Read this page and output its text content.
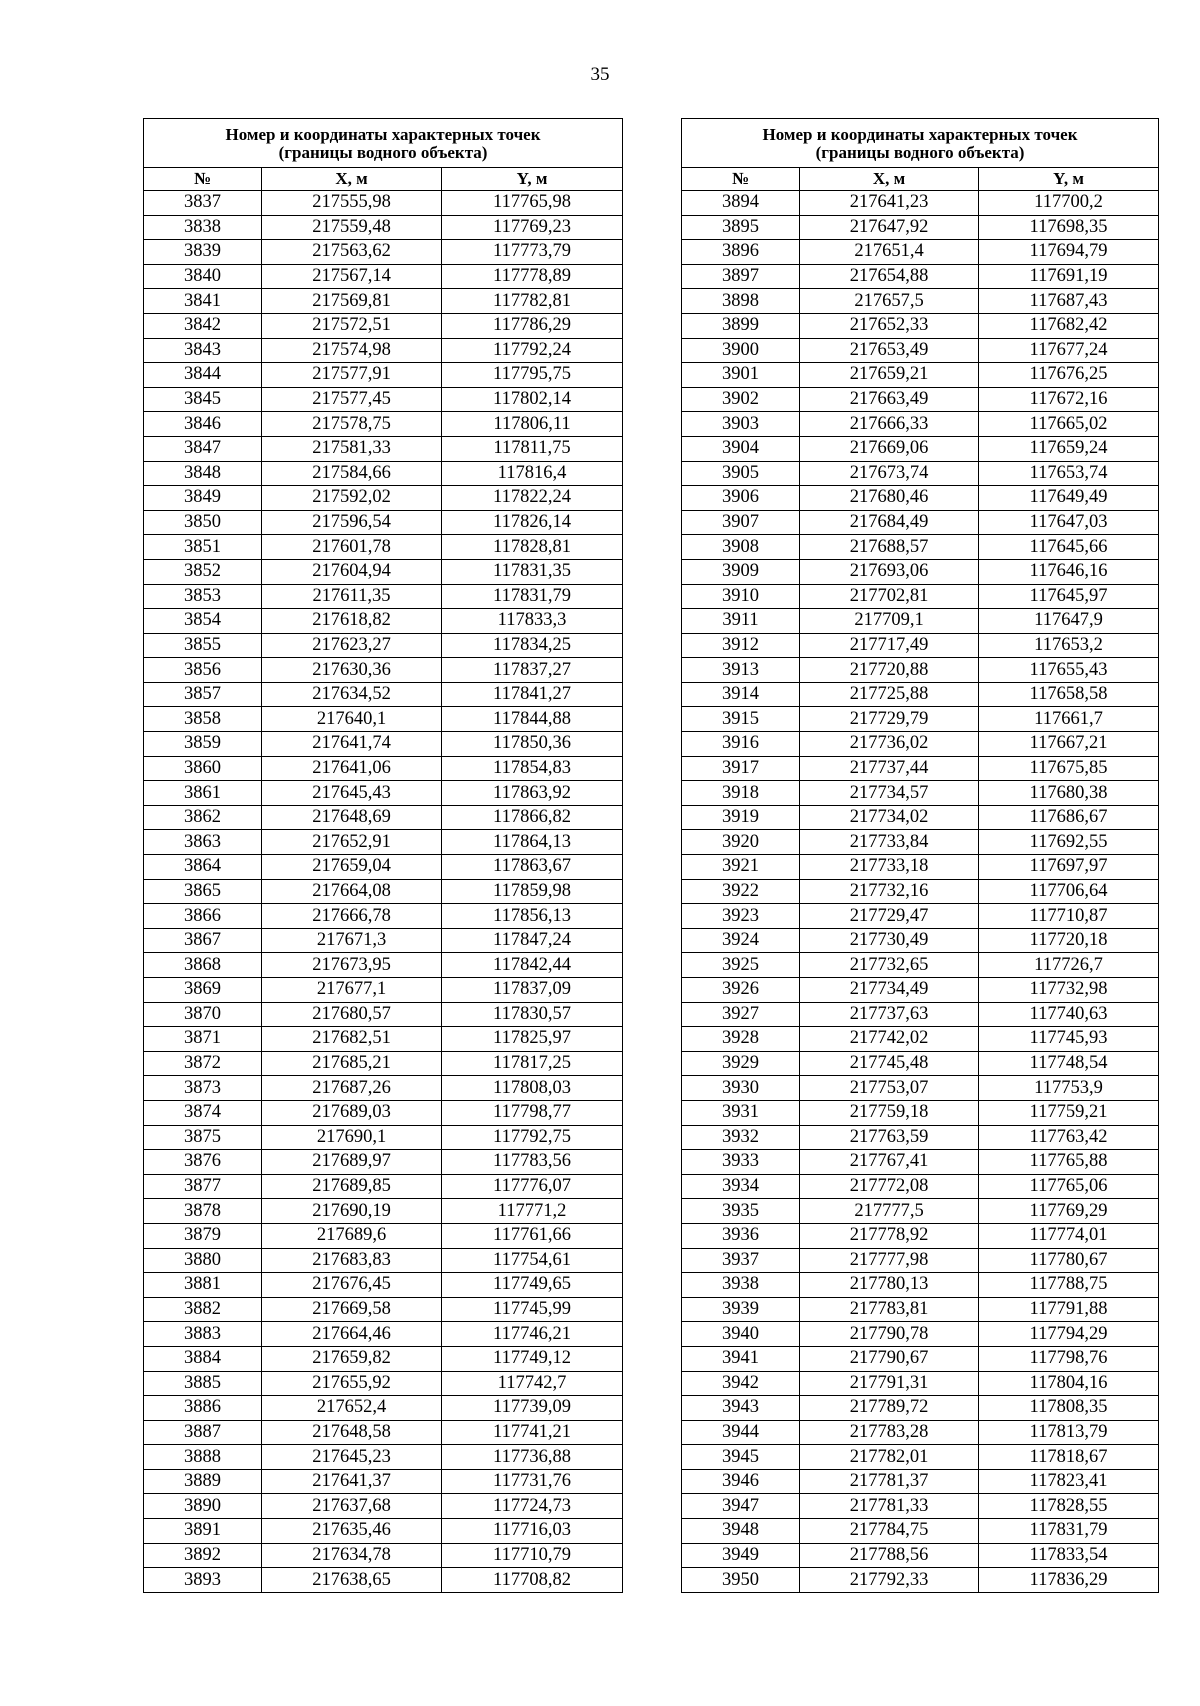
35
Номер и координаты характерных точек
(границы водного объекта)		

№	X, м	Y, м
3837	217555,98	117765,98
3838	217559,48	117769,23
3839	217563,62	117773,79
3840	217567,14	117778,89
3841	217569,81	117782,81
3842	217572,51	117786,29
3843	217574,98	117792,24
3844	217577,91	117795,75
3845	217577,45	117802,14
3846	217578,75	117806,11
3847	217581,33	117811,75
3848	217584,66	117816,4
3849	217592,02	117822,24
3850	217596,54	117826,14
3851	217601,78	117828,81
3852	217604,94	117831,35
3853	217611,35	117831,79
3854	217618,82	117833,3
3855	217623,27	117834,25
3856	217630,36	117837,27
3857	217634,52	117841,27
3858	217640,1	117844,88
3859	217641,74	117850,36
3860	217641,06	117854,83
3861	217645,43	117863,92
3862	217648,69	117866,82
3863	217652,91	117864,13
3864	217659,04	117863,67
3865	217664,08	117859,98
3866	217666,78	117856,13
3867	217671,3	117847,24
3868	217673,95	117842,44
3869	217677,1	117837,09
3870	217680,57	117830,57
3871	217682,51	117825,97
3872	217685,21	117817,25
3873	217687,26	117808,03
3874	217689,03	117798,77
3875	217690,1	117792,75
3876	217689,97	117783,56
3877	217689,85	117776,07
3878	217690,19	117771,2
3879	217689,6	117761,66
3880	217683,83	117754,61
3881	217676,45	117749,65
3882	217669,58	117745,99
3883	217664,46	117746,21
3884	217659,82	117749,12
3885	217655,92	117742,7
3886	217652,4	117739,09
3887	217648,58	117741,21
3888	217645,23	117736,88
3889	217641,37	117731,76
3890	217637,68	117724,73
3891	217635,46	117716,03
3892	217634,78	117710,79
3893	217638,65	117708,82
Номер и координаты характерных точек
(границы водного объекта)		

№	X, м	Y, м
3894	217641,23	117700,2
3895	217647,92	117698,35
3896	217651,4	117694,79
3897	217654,88	117691,19
3898	217657,5	117687,43
3899	217652,33	117682,42
3900	217653,49	117677,24
3901	217659,21	117676,25
3902	217663,49	117672,16
3903	217666,33	117665,02
3904	217669,06	117659,24
3905	217673,74	117653,74
3906	217680,46	117649,49
3907	217684,49	117647,03
3908	217688,57	117645,66
3909	217693,06	117646,16
3910	217702,81	117645,97
3911	217709,1	117647,9
3912	217717,49	117653,2
3913	217720,88	117655,43
3914	217725,88	117658,58
3915	217729,79	117661,7
3916	217736,02	117667,21
3917	217737,44	117675,85
3918	217734,57	117680,38
3919	217734,02	117686,67
3920	217733,84	117692,55
3921	217733,18	117697,97
3922	217732,16	117706,64
3923	217729,47	117710,87
3924	217730,49	117720,18
3925	217732,65	117726,7
3926	217734,49	117732,98
3927	217737,63	117740,63
3928	217742,02	117745,93
3929	217745,48	117748,54
3930	217753,07	117753,9
3931	217759,18	117759,21
3932	217763,59	117763,42
3933	217767,41	117765,88
3934	217772,08	117765,06
3935	217777,5	117769,29
3936	217778,92	117774,01
3937	217777,98	117780,67
3938	217780,13	117788,75
3939	217783,81	117791,88
3940	217790,78	117794,29
3941	217790,67	117798,76
3942	217791,31	117804,16
3943	217789,72	117808,35
3944	217783,28	117813,79
3945	217782,01	117818,67
3946	217781,37	117823,41
3947	217781,33	117828,55
3948	217784,75	117831,79
3949	217788,56	117833,54
3950	217792,33	117836,29
